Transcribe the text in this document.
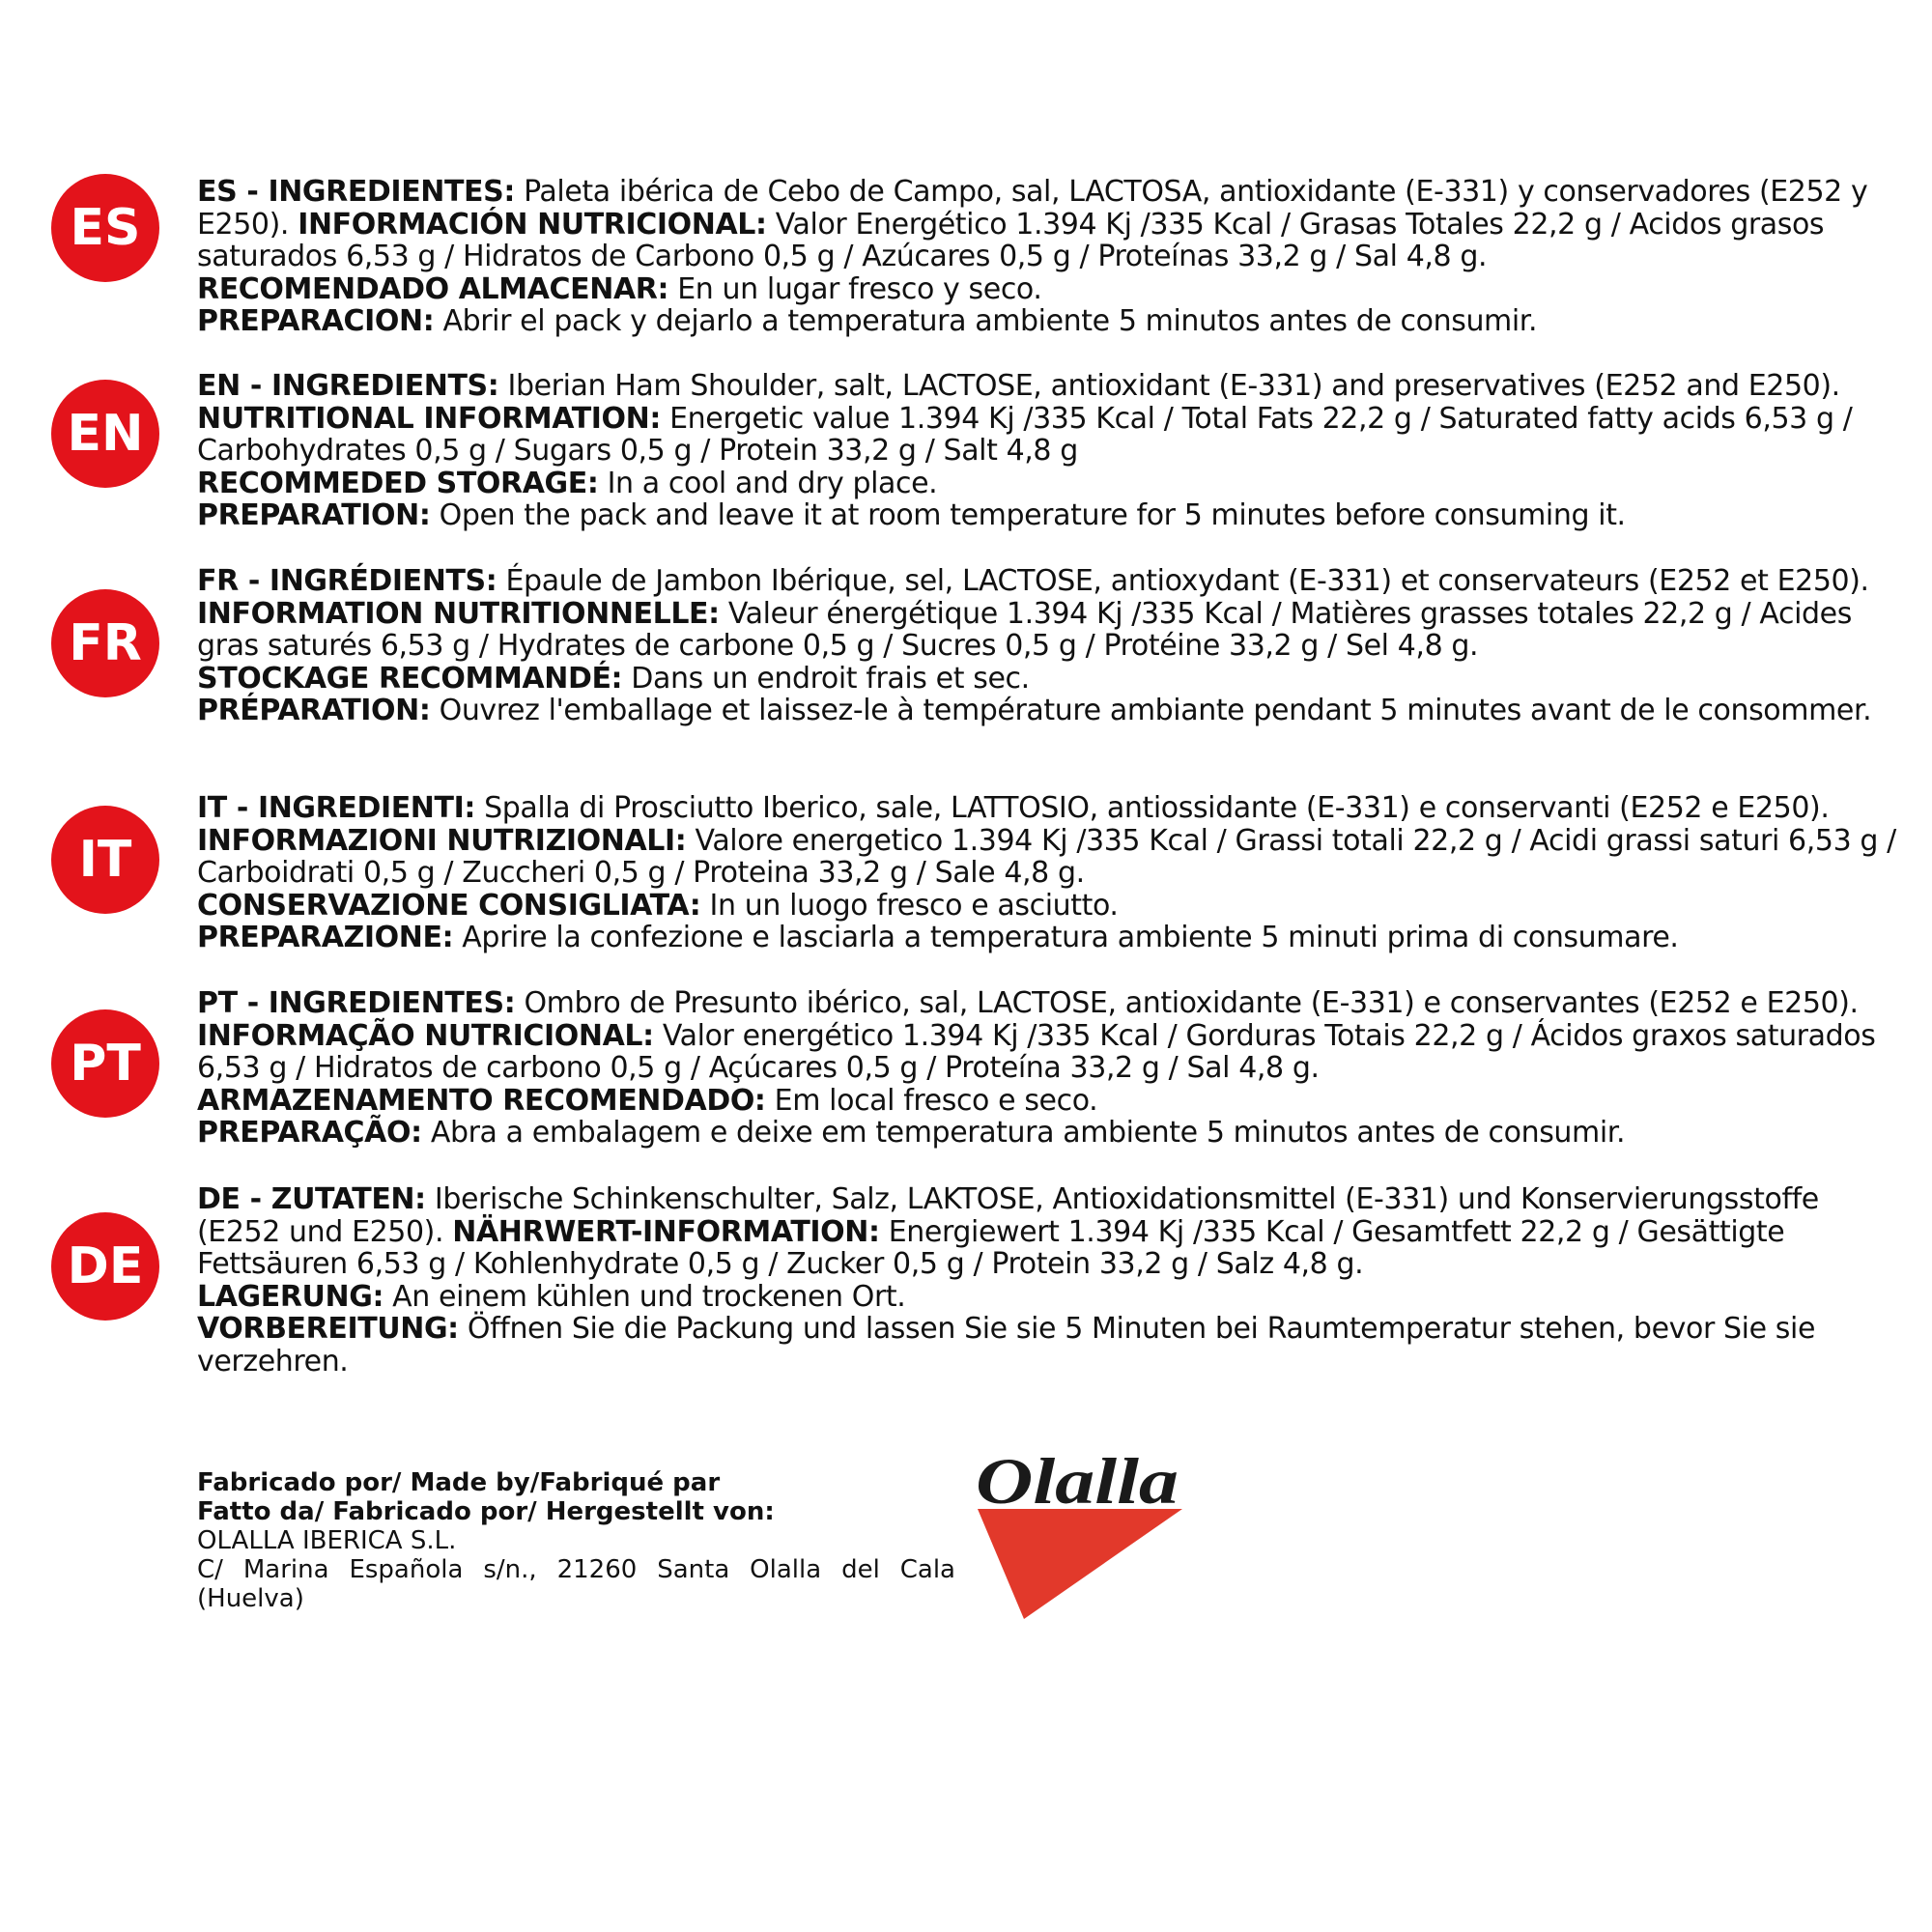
ES

ES - INGREDIENTES: Paleta ibérica de Cebo de Campo, sal, LACTOSA, antioxidante (E-331) y conservadores (E252 y E250). INFORMACIÓN NUTRICIONAL: Valor Energético 1.394 Kj /335 Kcal / Grasas Totales 22,2 g / Acidos grasos saturados 6,53 g / Hidratos de Carbono 0,5 g / Azúcares 0,5 g / Proteínas 33,2 g / Sal 4,8 g.

RECOMENDADO ALMACENAR: En un lugar fresco y seco.

PREPARACION: Abrir el pack y dejarlo a temperatura ambiente 5 minutos antes de consumir.

EN

EN - INGREDIENTS: Iberian Ham Shoulder, salt, LACTOSE, antioxidant (E-331) and preservatives (E252 and E250). NUTRITIONAL INFORMATION: Energetic value 1.394 Kj /335 Kcal / Total Fats 22,2 g / Saturated fatty acids 6,53 g / Carbohydrates 0,5 g / Sugars 0,5 g / Protein 33,2 g / Salt 4,8 g

RECOMMEDED STORAGE: In a cool and dry place.

PREPARATION: Open the pack and leave it at room temperature for 5 minutes before consuming it.

FR

FR - INGRÉDIENTS: Épaule de Jambon Ibérique, sel, LACTOSE, antioxydant (E-331) et conservateurs (E252 et E250). INFORMATION NUTRITIONNELLE: Valeur énergétique 1.394 Kj /335 Kcal / Matières grasses totales 22,2 g / Acides gras saturés 6,53 g / Hydrates de carbone 0,5 g / Sucres 0,5 g / Protéine 33,2 g / Sel 4,8 g.

STOCKAGE RECOMMANDÉ: Dans un endroit frais et sec.

PRÉPARATION: Ouvrez l'emballage et laissez-le à température ambiante pendant 5 minutes avant de le consommer.

IT

IT - INGREDIENTI: Spalla di Prosciutto Iberico, sale, LATTOSIO, antiossidante (E-331) e conservanti (E252 e E250). INFORMAZIONI NUTRIZIONALI: Valore energetico 1.394 Kj /335 Kcal / Grassi totali 22,2 g / Acidi grassi saturi 6,53 g / Carboidrati 0,5 g / Zuccheri 0,5 g / Proteina 33,2 g / Sale 4,8 g.

CONSERVAZIONE CONSIGLIATA: In un luogo fresco e asciutto.

PREPARAZIONE: Aprire la confezione e lasciarla a temperatura ambiente 5 minuti prima di consumare.

PT

PT - INGREDIENTES: Ombro de Presunto ibérico, sal, LACTOSE, antioxidante (E-331) e conservantes (E252 e E250). INFORMAÇÃO NUTRICIONAL: Valor energético 1.394 Kj /335 Kcal / Gorduras Totais 22,2 g / Ácidos graxos saturados 6,53 g / Hidratos de carbono 0,5 g / Açúcares 0,5 g / Proteína 33,2 g / Sal 4,8 g.

ARMAZENAMENTO RECOMENDADO: Em local fresco e seco.

PREPARAÇÃO: Abra a embalagem e deixe em temperatura ambiente 5 minutos antes de consumir.

DE

DE - ZUTATEN: Iberische Schinkenschulter, Salz, LAKTOSE, Antioxidationsmittel (E-331) und Konservierungsstoffe (E252 und E250). NÄHRWERT-INFORMATION: Energiewert 1.394 Kj /335 Kcal / Gesamtfett 22,2 g / Gesättigte Fettsäuren 6,53 g / Kohlenhydrate 0,5 g / Zucker 0,5 g / Protein 33,2 g / Salz 4,8 g.

LAGERUNG: An einem kühlen und trockenen Ort.

VORBEREITUNG: Öffnen Sie die Packung und lassen Sie sie 5 Minuten bei Raumtemperatur stehen, bevor Sie sie verzehren.

Fabricado por/ Made by/Fabriqué par
Fatto da/ Fabricado por/ Hergestellt von:
OLALLA IBERICA S.L.
C/ Marina Española s/n., 21260 Santa Olalla del Cala (Huelva)
Olalla
